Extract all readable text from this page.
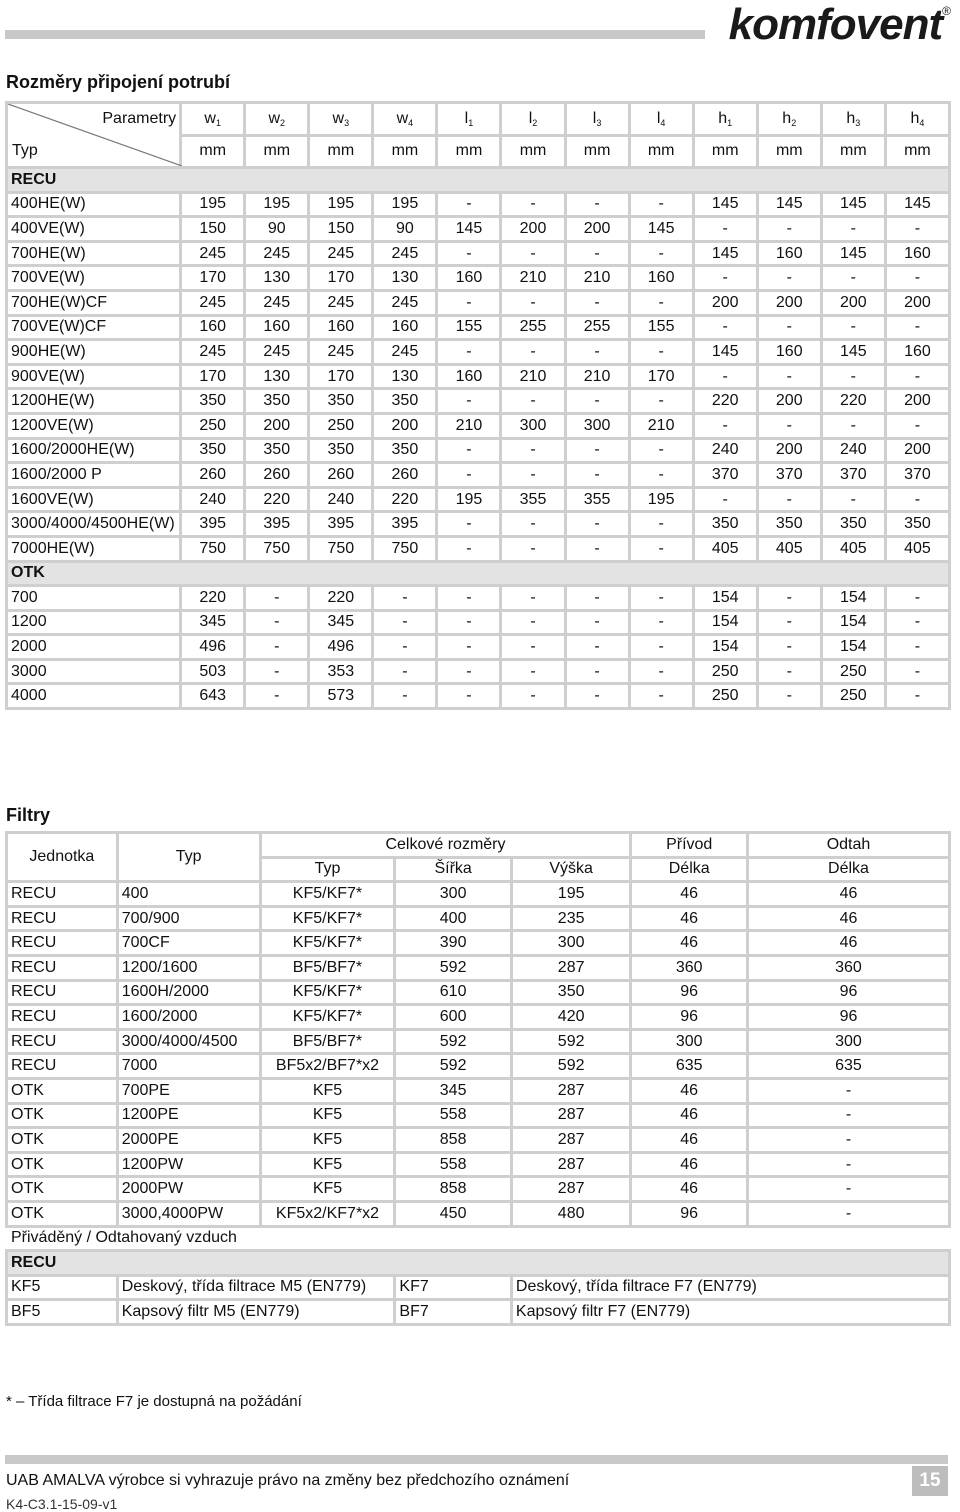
komfovent®
Rozměry připojení potrubí
Parametry
Typ	$w_1$	$w_2$	$w_3$	$w_4$	$l_1$	$l_2$	$l_3$	$l_4$	$h_1$	$h_2$	$h_3$	$h_4$
	mm	mm	mm	mm	mm	mm	mm	mm	mm	mm	mm	mm
RECU												
400HE(W)	195	195	195	195	-	-	-	-	145	145	145	145
400VE(W)	150	90	150	90	145	200	200	145	-	-	-	-
700HE(W)	245	245	245	245	-	-	-	-	145	160	145	160
700VE(W)	170	130	170	130	160	210	210	160	-	-	-	-
700HE(W)CF	245	245	245	245	-	-	-	-	200	200	200	200
700VE(W)CF	160	160	160	160	155	255	255	155	-	-	-	-
900HE(W)	245	245	245	245	-	-	-	-	145	160	145	160
900VE(W)	170	130	170	130	160	210	210	170	-	-	-	-
1200HE(W)	350	350	350	350	-	-	-	-	220	200	220	200
1200VE(W)	250	200	250	200	210	300	300	210	-	-	-	-
1600/2000HE(W)	350	350	350	350	-	-	-	-	240	200	240	200
1600/2000 P	260	260	260	260	-	-	-	-	370	370	370	370
1600VE(W)	240	220	240	220	195	355	355	195	-	-	-	-
3000/4000/4500HE(W)	395	395	395	395	-	-	-	-	350	350	350	350
7000HE(W)	750	750	750	750	-	-	-	-	405	405	405	405
OTK												
700	220	-	220	-	-	-	-	-	154	-	154	-
1200	345	-	345	-	-	-	-	-	154	-	154	-
2000	496	-	496	-	-	-	-	-	154	-	154	-
3000	503	-	353	-	-	-	-	-	250	-	250	-
4000	643	-	573	-	-	-	-	-	250	-	250	-
Filtry
Jednotka	Typ	Celkové rozměry			Přívod	Odtah
		Typ	Šířka	Výška	Délka	Délka
RECU	400	KF5/KF7*	300	195	46	46
RECU	700/900	KF5/KF7*	400	235	46	46
RECU	700CF	KF5/KF7*	390	300	46	46
RECU	1200/1600	BF5/BF7*	592	287	360	360
RECU	1600H/2000	KF5/KF7*	610	350	96	96
RECU	1600/2000	KF5/KF7*	600	420	96	96
RECU	3000/4000/4500	BF5/BF7*	592	592	300	300
RECU	7000	BF5x2/BF7*x2	592	592	635	635
OTK	700PE	KF5	345	287	46	-
OTK	1200PE	KF5	558	287	46	-
OTK	2000PE	KF5	858	287	46	-
OTK	1200PW	KF5	558	287	46	-
OTK	2000PW	KF5	858	287	46	-
OTK	3000,4000PW	KF5x2/KF7*x2	450	480	96	-
Přiváděný / Odtahovaný vzduch						
RECU						
KF5	Deskový, třída filtrace M5 (EN779)		KF7	Deskový, třída filtrace F7 (EN779)		
BF5	Kapsový filtr M5 (EN779)		BF7	Kapsový filtr F7 (EN779)		
* – Třída filtrace F7 je dostupná na požádání
UAB AMALVA výrobce si vyhrazuje právo na změny bez předchozího oznámení	15
K4-C3.1-15-09-v1
